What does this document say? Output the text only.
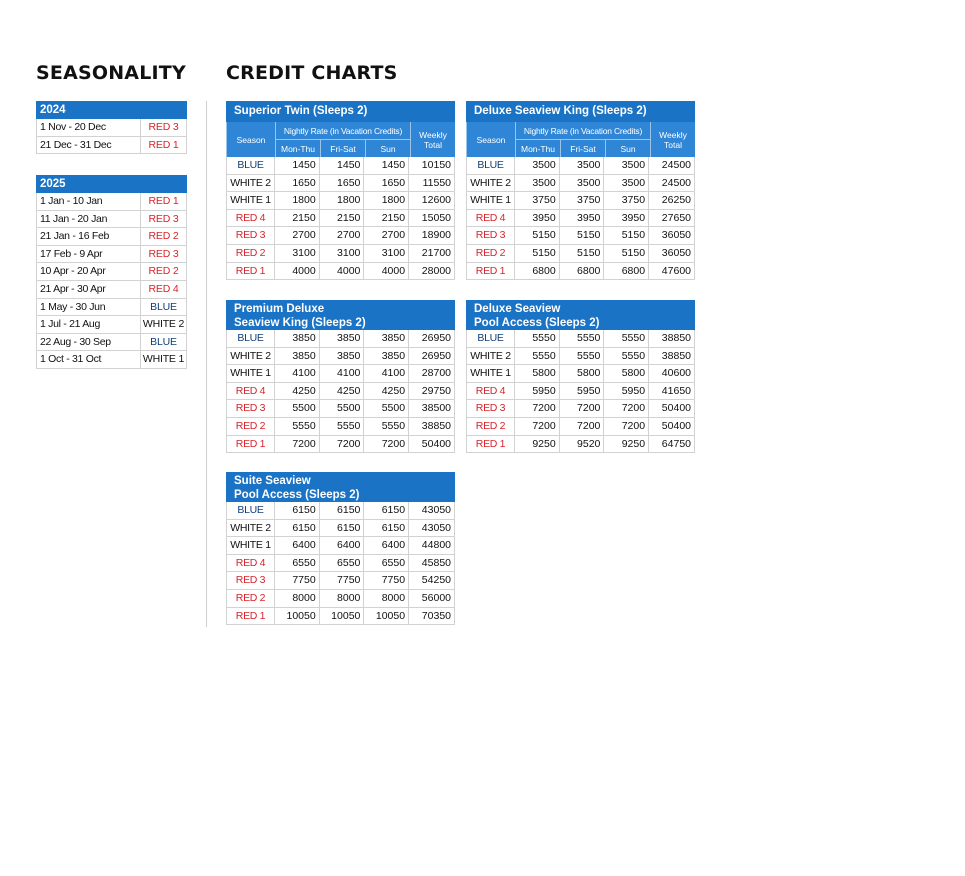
SEASONALITY CREDIT CHARTS
2024
1 Nov - 20 Dec	RED 3
21 Dec - 31 Dec	RED 1
2025
1 Jan - 10 Jan	RED 1
11 Jan - 20 Jan	RED 3
21 Jan - 16 Feb	RED 2
17 Feb - 9 Apr	RED 3
10 Apr - 20 Apr	RED 2
21 Apr - 30 Apr	RED 4
1 May - 30 Jun	BLUE
1 Jul - 21 Aug	WHITE 2
22 Aug - 30 Sep	BLUE
1 Oct - 31 Oct	WHITE 1
Superior Twin (Sleeps 2)
Season
Nightly Rate (in Vacation Credits)
Mon-Thu	Fri-Sat	Sun
Weekly Total
BLUE	1450	1450	1450	10150
WHITE 2	1650	1650	1650	11550
WHITE 1	1800	1800	1800	12600
RED 4	2150	2150	2150	15050
RED 3	2700	2700	2700	18900
RED 2	3100	3100	3100	21700
RED 1	4000	4000	4000	28000
Deluxe Seaview King (Sleeps 2)
Season
Nightly Rate (in Vacation Credits)
Mon-Thu	Fri-Sat	Sun
Weekly Total
BLUE	3500	3500	3500	24500
WHITE 2	3500	3500	3500	24500
WHITE 1	3750	3750	3750	26250
RED 4	3950	3950	3950	27650
RED 3	5150	5150	5150	36050
RED 2	5150	5150	5150	36050
RED 1	6800	6800	6800	47600
Premium Deluxe
Seaview King (Sleeps 2)
BLUE	3850	3850	3850	26950
WHITE 2	3850	3850	3850	26950
WHITE 1	4100	4100	4100	28700
RED 4	4250	4250	4250	29750
RED 3	5500	5500	5500	38500
RED 2	5550	5550	5550	38850
RED 1	7200	7200	7200	50400
Deluxe Seaview
Pool Access (Sleeps 2)
BLUE	5550	5550	5550	38850
WHITE 2	5550	5550	5550	38850
WHITE 1	5800	5800	5800	40600
RED 4	5950	5950	5950	41650
RED 3	7200	7200	7200	50400
RED 2	7200	7200	7200	50400
RED 1	9250	9520	9250	64750
Suite Seaview
Pool Access (Sleeps 2)
BLUE	6150	6150	6150	43050
WHITE 2	6150	6150	6150	43050
WHITE 1	6400	6400	6400	44800
RED 4	6550	6550	6550	45850
RED 3	7750	7750	7750	54250
RED 2	8000	8000	8000	56000
RED 1	10050	10050	10050	70350
